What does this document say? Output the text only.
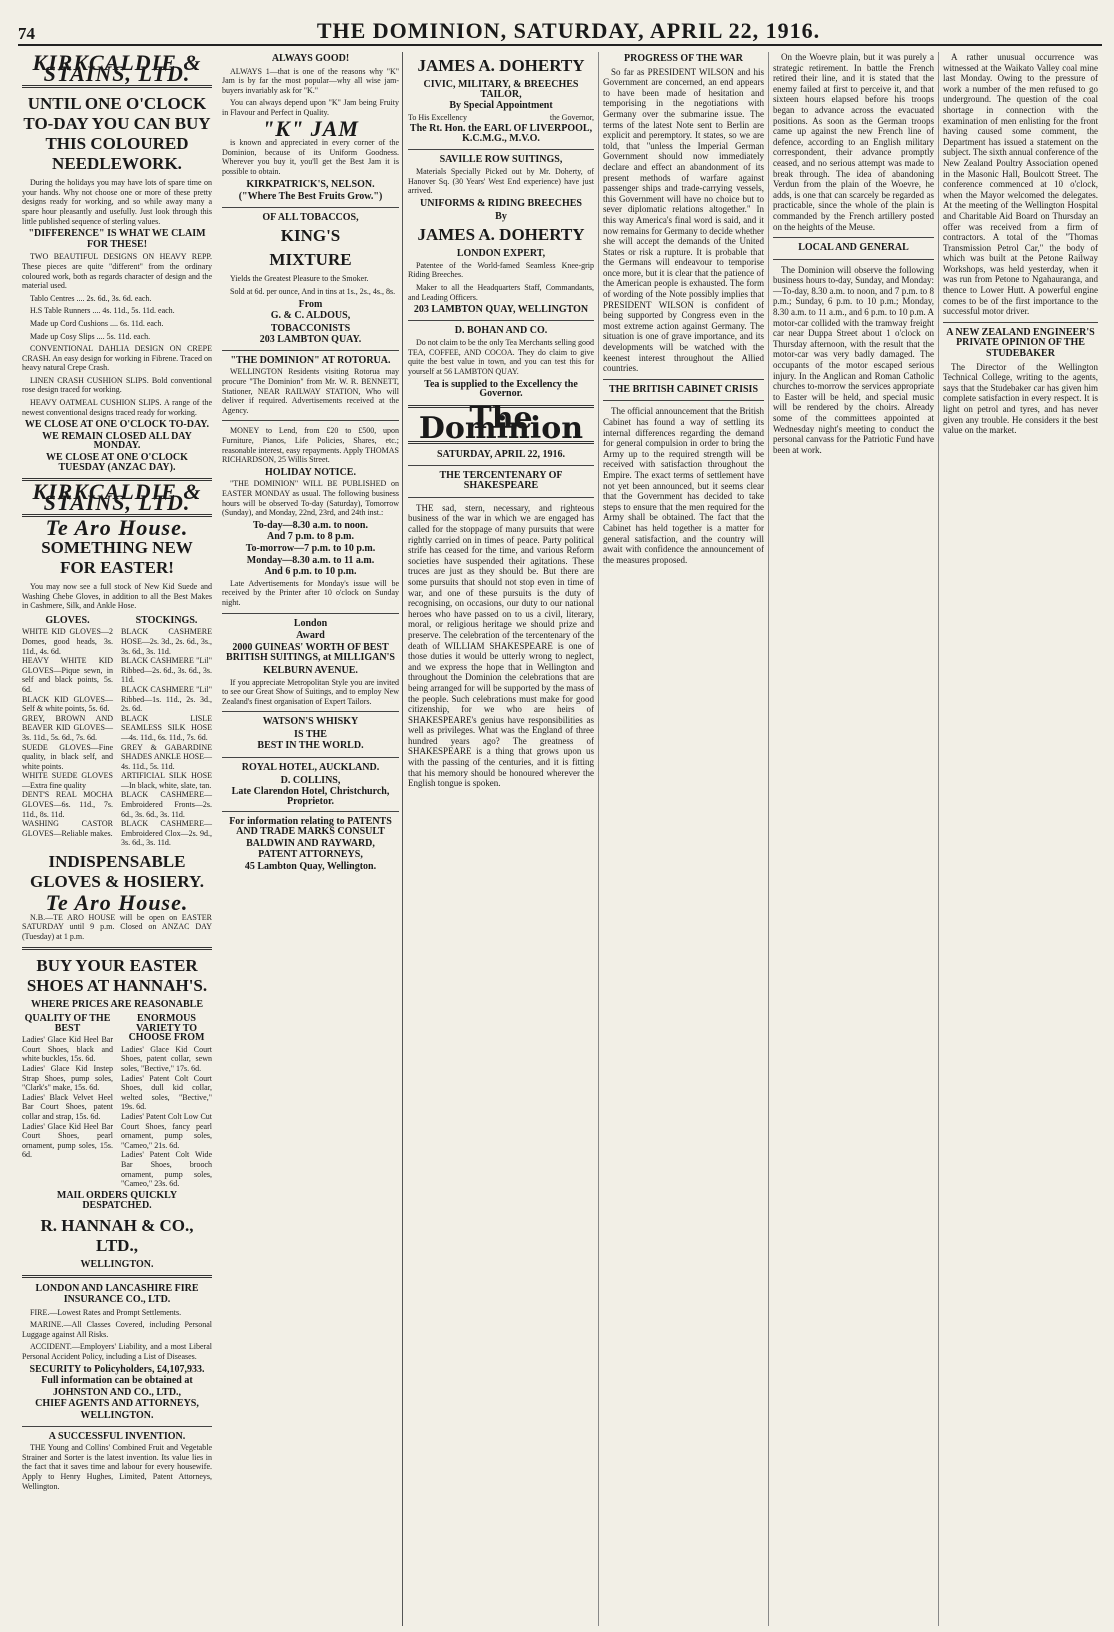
74	THE DOMINION, SATURDAY, APRIL 22, 1916.
KIRKCALDIE & STAINS, LTD.
UNTIL ONE O'CLOCK TO-DAY YOU CAN BUY THIS COLOURED NEEDLEWORK.

During the holidays you may have lots of spare time on your hands. Why not choose one or more of these pretty designs ready for working, and so while away many a spare hour pleasantly and usefully. Just look through this little published sequence of sterling values.

"DIFFERENCE" IS WHAT WE CLAIM FOR THESE!

TWO BEAUTIFUL DESIGNS ON HEAVY REPP. These pieces are quite "different" from the ordinary coloured work, both as regards character of design and the material used.

Tablo Centres .... 2s. 6d., 3s. 6d. each.

H.S Table Runners .... 4s. 11d., 5s. 11d. each.

Made up Cord Cushions .... 6s. 11d. each.

Made up Cosy Slips .... 5s. 11d. each.

CONVENTIONAL DAHLIA DESIGN ON CREPE CRASH. An easy design for working in Fibrene. Traced on heavy natural Crepe Crash.

LINEN CRASH CUSHION SLIPS. Bold conventional rose design traced for working.

HEAVY OATMEAL CUSHION SLIPS. A range of the newest conventional designs traced ready for working.

WE CLOSE AT ONE O'CLOCK TO-DAY.
WE REMAIN CLOSED ALL DAY MONDAY.
WE CLOSE AT ONE O'CLOCK TUESDAY (ANZAC DAY).
KIRKCALDIE & STAINS, LTD.
Te Aro House.
SOMETHING NEW FOR EASTER!

You may now see a full stock of New Kid Suede and Washing Chebe Gloves, in addition to all the Best Makes in Cashmere, Silk, and Ankle Hose.

GLOVES.
WHITE KID GLOVES—2 Domes, good heads, 3s. 11d., 4s. 6d.
HEAVY WHITE KID GLOVES—Pique sewn, in self and black points, 5s. 6d.
BLACK KID GLOVES—Self & white points, 5s. 6d.
GREY, BROWN AND BEAVER KID GLOVES—3s. 11d., 5s. 6d., 7s. 6d.
SUEDE GLOVES—Fine quality, in black self, and white points.
WHITE SUEDE GLOVES—Extra fine quality
DENT'S REAL MOCHA GLOVES—6s. 11d., 7s. 11d., 8s. 11d.
WASHING CASTOR GLOVES—Reliable makes.
STOCKINGS.
BLACK CASHMERE HOSE—2s. 3d., 2s. 6d., 3s., 3s. 6d., 3s. 11d.
BLACK CASHMERE "Lil" Ribbed—2s. 6d., 3s. 6d., 3s. 11d.
BLACK CASHMERE "Lil" Ribbed—1s. 11d., 2s. 3d., 2s. 6d.
BLACK LISLE SEAMLESS SILK HOSE—4s. 11d., 6s. 11d., 7s. 6d.
GREY & GABARDINE SHADES ANKLE HOSE—4s. 11d., 5s. 11d.
ARTIFICIAL SILK HOSE—In black, white, slate, tan.
BLACK CASHMERE—Embroidered Fronts—2s. 6d., 3s. 6d., 3s. 11d.
BLACK CASHMERE—Embroidered Clox—2s. 9d., 3s. 6d., 3s. 11d.
INDISPENSABLE GLOVES & HOSIERY.
Te Aro House.

N.B.—TE ARO HOUSE will be open on EASTER SATURDAY until 9 p.m. Closed on ANZAC DAY (Tuesday) at 1 p.m.

BUY YOUR EASTER SHOES AT HANNAH'S.
WHERE PRICES ARE REASONABLE
QUALITY OF THE BEST
Ladies' Glace Kid Heel Bar Court Shoes, black and white buckles, 15s. 6d.
Ladies' Glace Kid Instep Strap Shoes, pump soles, "Clark's" make, 15s. 6d.
Ladies' Black Velvet Heel Bar Court Shoes, patent collar and strap, 15s. 6d.
Ladies' Glace Kid Heel Bar Court Shoes, pearl ornament, pump soles, 15s. 6d.
ENORMOUS VARIETY TO CHOOSE FROM
Ladies' Glace Kid Court Shoes, patent collar, sewn soles, "Bective," 17s. 6d.
Ladies' Patent Colt Court Shoes, dull kid collar, welted soles, "Bective," 19s. 6d.
Ladies' Patent Colt Low Cut Court Shoes, fancy pearl ornament, pump soles, "Cameo," 21s. 6d.
Ladies' Patent Colt Wide Bar Shoes, brooch ornament, pump soles, "Cameo," 23s. 6d.
MAIL ORDERS QUICKLY DESPATCHED.
R. HANNAH & CO., LTD.,
WELLINGTON.
LONDON AND LANCASHIRE FIRE INSURANCE CO., LTD.

FIRE.—Lowest Rates and Prompt Settlements.

MARINE.—All Classes Covered, including Personal Luggage against All Risks.

ACCIDENT.—Employers' Liability, and a most Liberal Personal Accident Policy, including a List of Diseases.

SECURITY to Policyholders, £4,107,933.
Full information can be obtained at
JOHNSTON AND CO., LTD.,
CHIEF AGENTS AND ATTORNEYS,
WELLINGTON.
A SUCCESSFUL INVENTION.

THE Young and Collins' Combined Fruit and Vegetable Strainer and Sorter is the latest invention. Its value lies in the fact that it saves time and labour for every housewife. Apply to Henry Hughes, Limited, Patent Attorneys, Wellington.

ALWAYS GOOD!

ALWAYS 1—that is one of the reasons why "K" Jam is by far the most popular—why all wise jam-buyers invariably ask for "K."

You can always depend upon "K" Jam being Fruity in Flavour and Perfect in Quality.

"K" JAM

is known and appreciated in every corner of the Dominion, because of its Uniform Goodness. Wherever you buy it, you'll get the Best Jam it is possible to obtain.

KIRKPATRICK'S, NELSON.
("Where The Best Fruits Grow.")
OF ALL TOBACCOS,
KING'S
MIXTURE

Yields the Greatest Pleasure to the Smoker.

Sold at 6d. per ounce, And in tins at 1s., 2s., 4s., 8s.

From
G. & C. ALDOUS,
TOBACCONISTS
203 LAMBTON QUAY.
"THE DOMINION" AT ROTORUA.

WELLINGTON Residents visiting Rotorua may procure "The Dominion" from Mr. W. R. BENNETT, Stationer, NEAR RAILWAY STATION, Who will deliver if required. Advertisements received at the Agency.

MONEY to Lend, from £20 to £500, upon Furniture, Pianos, Life Policies, Shares, etc.; reasonable interest, easy repayments. Apply THOMAS RICHARDSON, 25 Willis Street.

HOLIDAY NOTICE.

"THE DOMINION" WILL BE PUBLISHED on EASTER MONDAY as usual. The following business hours will be observed To-day (Saturday), Tomorrow (Sunday), and Monday, 22nd, 23rd, and 24th inst.:

To-day—8.30 a.m. to noon.
And 7 p.m. to 8 p.m.
To-morrow—7 p.m. to 10 p.m.
Monday—8.30 a.m. to 11 a.m.
And 6 p.m. to 10 p.m.

Late Advertisements for Monday's issue will be received by the Printer after 10 o'clock on Sunday night.

London
Award
2000 GUINEAS' WORTH OF BEST BRITISH SUITINGS, at MILLIGAN'S
KELBURN AVENUE.

If you appreciate Metropolitan Style you are invited to see our Great Show of Suitings, and to employ New Zealand's finest organisation of Expert Tailors.

WATSON'S WHISKY
IS THE
BEST IN THE WORLD.
ROYAL HOTEL, AUCKLAND.
D. COLLINS,
Late Clarendon Hotel, Christchurch, Proprietor.
For information relating to PATENTS AND TRADE MARKS CONSULT
BALDWIN AND RAYWARD,
PATENT ATTORNEYS,
45 Lambton Quay, Wellington.
JAMES A. DOHERTY
CIVIC, MILITARY, & BREECHES TAILOR,
By Special Appointment
To His Excellency	the Governor,
The Rt. Hon. the EARL OF LIVERPOOL, K.C.M.G., M.V.O.
SAVILLE ROW SUITINGS,

Materials Specially Picked out by Mr. Doherty, of Hanover Sq. (30 Years' West End experience) have just arrived.

UNIFORMS & RIDING BREECHES
By
JAMES A. DOHERTY
LONDON EXPERT,

Patentee of the World-famed Seamless Knee-grip Riding Breeches.

Maker to all the Headquarters Staff, Commandants, and Leading Officers.

203 LAMBTON QUAY, WELLINGTON
D. BOHAN AND CO.

Do not claim to be the only Tea Merchants selling good TEA, COFFEE, AND COCOA. They do claim to give quite the best value in town, and you can test this for yourself at 56 LAMBTON QUAY.

Tea is supplied to the Excellency the Governor.
The Dominion
SATURDAY, APRIL 22, 1916.
THE TERCENTENARY OF SHAKESPEARE

THE sad, stern, necessary, and righteous business of the war in which we are engaged has called for the stoppage of many pursuits that were rightly carried on in times of peace. Party political strife has ceased for the time, and various Reform societies have suspended their agitations. These truces are just as they should be. But there are some pursuits that should not stop even in time of war, and one of these pursuits is the duty of recognising, on occasions, our duty to our national heroes who have passed on to us a civil, literary, moral, or religious heritage we should prize and preserve. The celebration of the tercentenary of the death of WILLIAM SHAKESPEARE is one of those duties it would be utterly wrong to neglect, and we express the hope that in Wellington and throughout the Dominion the celebrations that are being arranged for will be supported by the mass of the people. Such celebrations must make for good citizenship, for we who are heirs of SHAKESPEARE's genius have responsibilities as well as privileges. What was the England of three hundred years ago? The greatness of SHAKESPEARE is a thing that grows upon us with the passing of the centuries, and it is fitting that his memory should be honoured wherever the English tongue is spoken.

PROGRESS OF THE WAR

So far as PRESIDENT WILSON and his Government are concerned, an end appears to have been made of hesitation and temporising in the negotiations with Germany over the submarine issue. The terms of the latest Note sent to Berlin are explicit and peremptory. It states, so we are told, that "unless the Imperial German Government should now immediately declare and effect an abandonment of its present methods of warfare against passenger ships and trade-carrying vessels, this Government will have no choice but to sever diplomatic relations altogether." In this way America's final word is said, and it now remains for Germany to decide whether she will accept the demands of the United States or risk a rupture. It is probable that the Germans will endeavour to temporise once more, but it is clear that the patience of the American people is exhausted. The form of wording of the Note possibly implies that PRESIDENT WILSON is confident of being supported by Congress even in the most extreme action against Germany. The situation is one of grave importance, and its developments will be watched with the keenest interest throughout the Allied countries.

THE BRITISH CABINET CRISIS

The official announcement that the British Cabinet has found a way of settling its internal differences regarding the demand for general compulsion in order to bring the Army up to the required strength will be received with satisfaction throughout the Empire. The exact terms of settlement have not yet been announced, but it seems clear that the Government has decided to take steps to ensure that the men required for the Army shall be obtained. The fact that the Cabinet has held together is a matter for general satisfaction, and the country will await with confidence the announcement of the measures proposed.

On the Woevre plain, but it was purely a strategic retirement. In battle the French retired their line, and it is stated that the enemy failed at first to perceive it, and that sixteen hours elapsed before his troops began to advance across the evacuated positions. As soon as the German troops came up against the new French line of defence, according to an English military correspondent, their advance promptly ceased, and no serious attempt was made to break through. The idea of abandoning Verdun from the plain of the Woevre, he adds, is one that can scarcely be regarded as practicable, since the whole of the plain is commanded by the French artillery posted on the heights of the Meuse.

LOCAL AND GENERAL

The Dominion will observe the following business hours to-day, Sunday, and Monday:—To-day, 8.30 a.m. to noon, and 7 p.m. to 8 p.m.; Sunday, 6 p.m. to 10 p.m.; Monday, 8.30 a.m. to 11 a.m., and 6 p.m. to 10 p.m. A motor-car collided with the tramway freight car near Duppa Street about 1 o'clock on Thursday afternoon, with the result that the motor-car was very badly damaged. The occupants of the motor escaped serious injury. In the Anglican and Roman Catholic churches to-morrow the services appropriate to Easter will be held, and special music will be rendered by the choirs. Already some of the committees appointed at Wednesday night's meeting to conduct the personal canvass for the Patriotic Fund have been at work.

A rather unusual occurrence was witnessed at the Waikato Valley coal mine last Monday. Owing to the pressure of work a number of the men refused to go underground. The question of the coal shortage in connection with the examination of men enlisting for the front having caused some comment, the Department has issued a statement on the subject. The sixth annual conference of the New Zealand Poultry Association opened in the Masonic Hall, Boulcott Street. The conference commenced at 10 o'clock, when the Mayor welcomed the delegates. At the meeting of the Wellington Hospital and Charitable Aid Board on Thursday an offer was received from a firm of contractors. A total of the "Thomas Transmission Petrol Car," the body of which was built at the Petone Railway Workshops, was held yesterday, when it was run from Petone to Ngahauranga, and thence to Lower Hutt. A powerful engine comes to be of the first importance to the successful motor driver.

A NEW ZEALAND ENGINEER'S PRIVATE OPINION OF THE STUDEBAKER

The Director of the Wellington Technical College, writing to the agents, says that the Studebaker car has given him complete satisfaction in every respect. It is light on petrol and tyres, and has never given any trouble. He considers it the best value on the market.
